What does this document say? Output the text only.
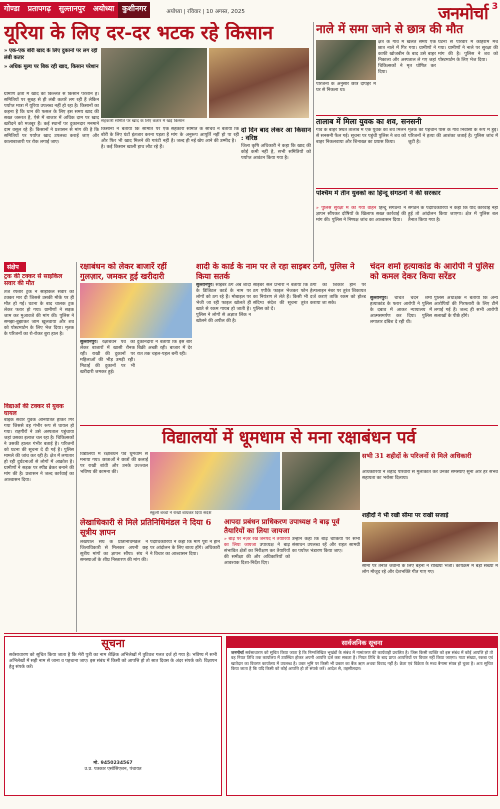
गोण्डा	प्रतापगढ़	सुल्तानपुर	अयोध्या	कुशीनगर	अयोध्या | रविवार | 10 अगस्त, 2025	जनमोर्चा 3
यूरिया के लिए दर-दर भटक रहे किसान
» एक-एक बोरी खाद के लिए दुकानों पर लग रही लंबी कतार
» अधिक मूल्य पर बिक रही खाद, किसान परेशान
सहकारी समिति पर खाद के लिए कतार में खड़े किसान
ग्रामीण क्षेत्रों में खाद की किल्लत से किसान परेशान हैं। समितियों पर सुबह से ही लंबी कतारें लग रही हैं लेकिन पर्याप्त मात्रा में यूरिया उपलब्ध नहीं हो रहा है। किसानों का कहना है कि धान की फसल के लिए इस समय खाद की सख्त जरूरत है, ऐसे में बाजार में अधिक दाम पर खाद खरीदने को मजबूर हैं। कई स्थानों पर दुकानदार मनमाने दाम वसूल रहे हैं। किसानों ने प्रशासन से मांग की है कि समितियों पर पर्याप्त खाद उपलब्ध कराई जाए और कालाबाजारी पर रोक लगाई जाए।
किसानों ने बताया कि समिति पर एक बोरी के लिए घंटों इंतजार करना पड़ता है और फिर भी खाद मिलने की गारंटी नहीं है। कई किसान खाली हाथ लौट रहे हैं।
सहकारी समिति के सचिव ने बताया कि मांग के अनुरूप आपूर्ति नहीं हो पा रही है। जल्द ही नई खेप आने की उम्मीद है।
दो दिन बाद लेकर आ किसान : वरिष्ठ
जिला कृषि अधिकारी ने कहा कि खाद की कोई कमी नहीं है, सभी समितियों को पर्याप्त आवंटन किया गया है।
नाले में समा जाने से छात्र की मौत
क्षेत्र के गांव में खेलते समय एक छात्र नाले में गिर गया। ग्रामीणों ने काफी खोजबीन के बाद उसे बाहर निकाला और अस्पताल ले गए जहां चिकित्सकों ने मृत घोषित कर दिया।
घटना से परिवार में कोहराम मच गया। ग्रामीणों ने नाले पर सुरक्षा की मांग की है। पुलिस ने शव को पोस्टमार्टम के लिए भेज दिया।
परिजनों के अनुसार छात्र दोपहर में घर से निकला था।
तालाब में मिला युवक का शव, सनसनी
गांव के बाहर स्थित तालाब में एक युवक का शव मिलने से सनसनी फैल गई। सूचना पर पहुंची पुलिस ने शव को बाहर निकलवाया और शिनाख्त का प्रयास किया।
मृतक की पहचान पास के गांव निवासी के रूप में हुई। परिजनों ने हत्या की आशंका जताई है। पुलिस जांच में जुटी है।
पश्चिम में तीन युवकों का हिन्दू संगठनों ने की सरकार
» पुलिस सुरक्षा में की गया वाहन हिन्दू संगठनों ने ज्ञापन सौंपकर दोषियों के खिलाफ सख्त कार्रवाई की मांग की। पुलिस ने निष्पक्ष जांच का आश्वासन दिया।
संगठन के पदाधिकारियों ने कहा कि यदि कार्रवाई नहीं हुई तो आंदोलन किया जाएगा। क्षेत्र में पुलिस बल तैनात किया गया है।
संक्षेप
ट्रक की टक्कर से साइकिल सवार की मौत
तेज रफ्तार ट्रक ने साइकिल सवार को टक्कर मार दी जिससे उसकी मौके पर ही मौत हो गई। घटना के बाद चालक ट्रक लेकर फरार हो गया। ग्रामीणों ने सड़क जाम कर मुआवजे की मांग की। पुलिस ने समझा-बुझाकर जाम खुलवाया और शव को पोस्टमार्टम के लिए भेज दिया। मृतक के परिजनों का रो-रोकर बुरा हाल है।
विद्याओं की टक्कर से युवक घायल
बाइक सवार युवक अनियंत्रित होकर गिर गया जिससे वह गंभीर रूप से घायल हो गया। राहगीरों ने उसे अस्पताल पहुंचाया जहां उसका इलाज चल रहा है। चिकित्सकों ने उसकी हालत गंभीर बताई है। परिजनों को घटना की सूचना दे दी गई है। पुलिस मामले की जांच कर रही है। क्षेत्र में लगातार हो रही दुर्घटनाओं से लोगों में आक्रोश है। ग्रामीणों ने सड़क पर स्पीड ब्रेकर बनाने की मांग की है। प्रशासन ने जल्द कार्रवाई का आश्वासन दिया।
रक्षाबंधन को लेकर बाजारें रहीं गुलज़ार, जमकर हुई खरीदारी
सुल्तानपुर। रक्षाबंधन पर्व को लेकर बाजारों में खासी रौनक रही। राखी की दुकानों पर महिलाओं की भीड़ उमड़ी रही। मिठाई की दुकानों पर भी खरीदारी जमकर हुई।
दुकानदारों ने बताया कि इस बार बिक्री अच्छी रही। बाजार में देर रात तक चहल-पहल बनी रही।
शादी के कार्ड के नाम पर ले रहा साइबर ठगी, पुलिस ने किया सतर्क
सुल्तानपुर। साइबर ठग अब शादी के डिजिटल कार्ड के नाम पर लोगों को ठग रहे हैं। मोबाइल पर भेजी जा रही फाइल खोलते ही खाते से रकम गायब हो जाती है। पुलिस ने लोगों से अज्ञात लिंक न खोलने की अपील की है।
साइबर सेल प्रभारी ने बताया कि ठग एपीके फाइल भेजकर फोन का नियंत्रण ले लेते हैं। किसी भी संदिग्ध संदेश की सूचना तुरंत पुलिस को दें।
ठगी का शिकार होने पर हेल्पलाइन नंबर पर तुरंत शिकायत दर्ज कराएं ताकि रकम को होल्ड कराया जा सके।
चंदन शर्मा हत्याकांड के आरोपी ने पुलिस को कमल देकर किया सरेंडर
सुल्तानपुर। चर्चित चंदन शर्मा हत्याकांड के फरार आरोपी ने पुलिस के दबाव में आकर न्यायालय में आत्मसमर्पण कर दिया। पुलिस लगातार दबिश दे रही थी।
पुलिस अधीक्षक ने बताया कि अन्य आरोपियों की गिरफ्तारी के लिए टीमें लगाई गई हैं। जल्द ही सभी आरोपी सलाखों के पीछे होंगे।
विद्यालयों में धूमधाम से मना रक्षाबंधन पर्व
विद्यालयों में रक्षाबंधन पर्व धूमधाम से मनाया गया। छात्राओं ने छात्रों की कलाई पर राखी बांधी और उनके उज्ज्वल भविष्य की कामना की।
स्कूली बच्चों ने राखी बांधकर दिया संदेश
सभी 31 शहीदों के परिजनों से मिले अधिकारी
अधिकारियों ने शहीद परिवारों से मुलाकात कर उनकी समस्याएं सुनीं और हर संभव सहायता का भरोसा दिलाया।
शहीदों ने भी रखी सीमा पर राखी सजाई
लेखाधिकारी से मिले प्रतिनिधिमंडल ने दिया 6 सूत्रीय ज्ञापन
लेखपाल संघ के प्रतिनिधिमंडल ने जिलाधिकारी से मिलकर अपनी छह सूत्रीय मांगों का ज्ञापन सौंपा। संघ ने समस्याओं के शीघ्र निस्तारण की मांग की।
पदाधिकारियों ने कहा कि मांगें पूरी न होने पर आंदोलन के लिए बाध्य होंगे। अधिकारी ने विचार का आश्वासन दिया।
आपदा प्रबंधन प्राधिकरण उपाध्यक्ष ने बाढ़ पूर्व तैयारियों का लिया जायजा
» बाढ़ पर नज़र रख जनपद ने तैयारियों का लिया जायजा उपाध्यक्ष ने बाढ़ संभावित क्षेत्रों का निरीक्षण कर तैयारियों की समीक्षा की और अधिकारियों को आवश्यक दिशा-निर्देश दिए।
उन्होंने कहा कि बाढ़ चौकियों पर सभी संसाधन उपलब्ध रहें और राहत सामग्री का पर्याप्त भंडारण किया जाए।
सीमा पर तैनात जवानों के लिए बहनों ने राखियां भेजीं। कार्यक्रम में बड़ी संख्या में लोग मौजूद रहे और देशभक्ति गीत गाए गए।
सूचना
सर्वसाधारण को सूचित किया जाता है कि मेरी पुत्री का नाम शैक्षिक अभिलेखों में त्रुटिवश गलत दर्ज हो गया है। भविष्य में सभी अभिलेखों में सही नाम से जाना व पहचाना जाए। इस संबंध में किसी को आपत्ति हो तो सात दिवस के अंदर संपर्क करें। विज्ञापन हेतु संपर्क करें।
मो. 9450234567
उ.प्र. पत्रकार एसोसिएशन, पंचायत
सार्वजनिक सूचना
जनमोर्चा सर्वसाधारण को सूचित किया जाता है कि निम्नलिखित भूखंडों के संबंध में नामांतरण की कार्यवाही प्रचलित है। जिस किसी व्यक्ति को इस संबंध में कोई आपत्ति हो तो वह नियत तिथि तक कार्यालय में उपस्थित होकर अपनी आपत्ति दर्ज करा सकता है। नियत तिथि के बाद प्राप्त आपत्तियों पर विचार नहीं किया जाएगा। गाटा संख्या, रकबा एवं खातेदार का विवरण कार्यालय में उपलब्ध है। उक्त भूमि पर किसी भी प्रकार का बैंक ऋण अथवा विवाद नहीं है। क्रेता एवं विक्रेता के मध्य बैनामा संपन्न हो चुका है। अतः सूचित किया जाता है कि यदि किसी को कोई आपत्ति हो तो संपर्क करें। आदेश से, तहसीलदार।
